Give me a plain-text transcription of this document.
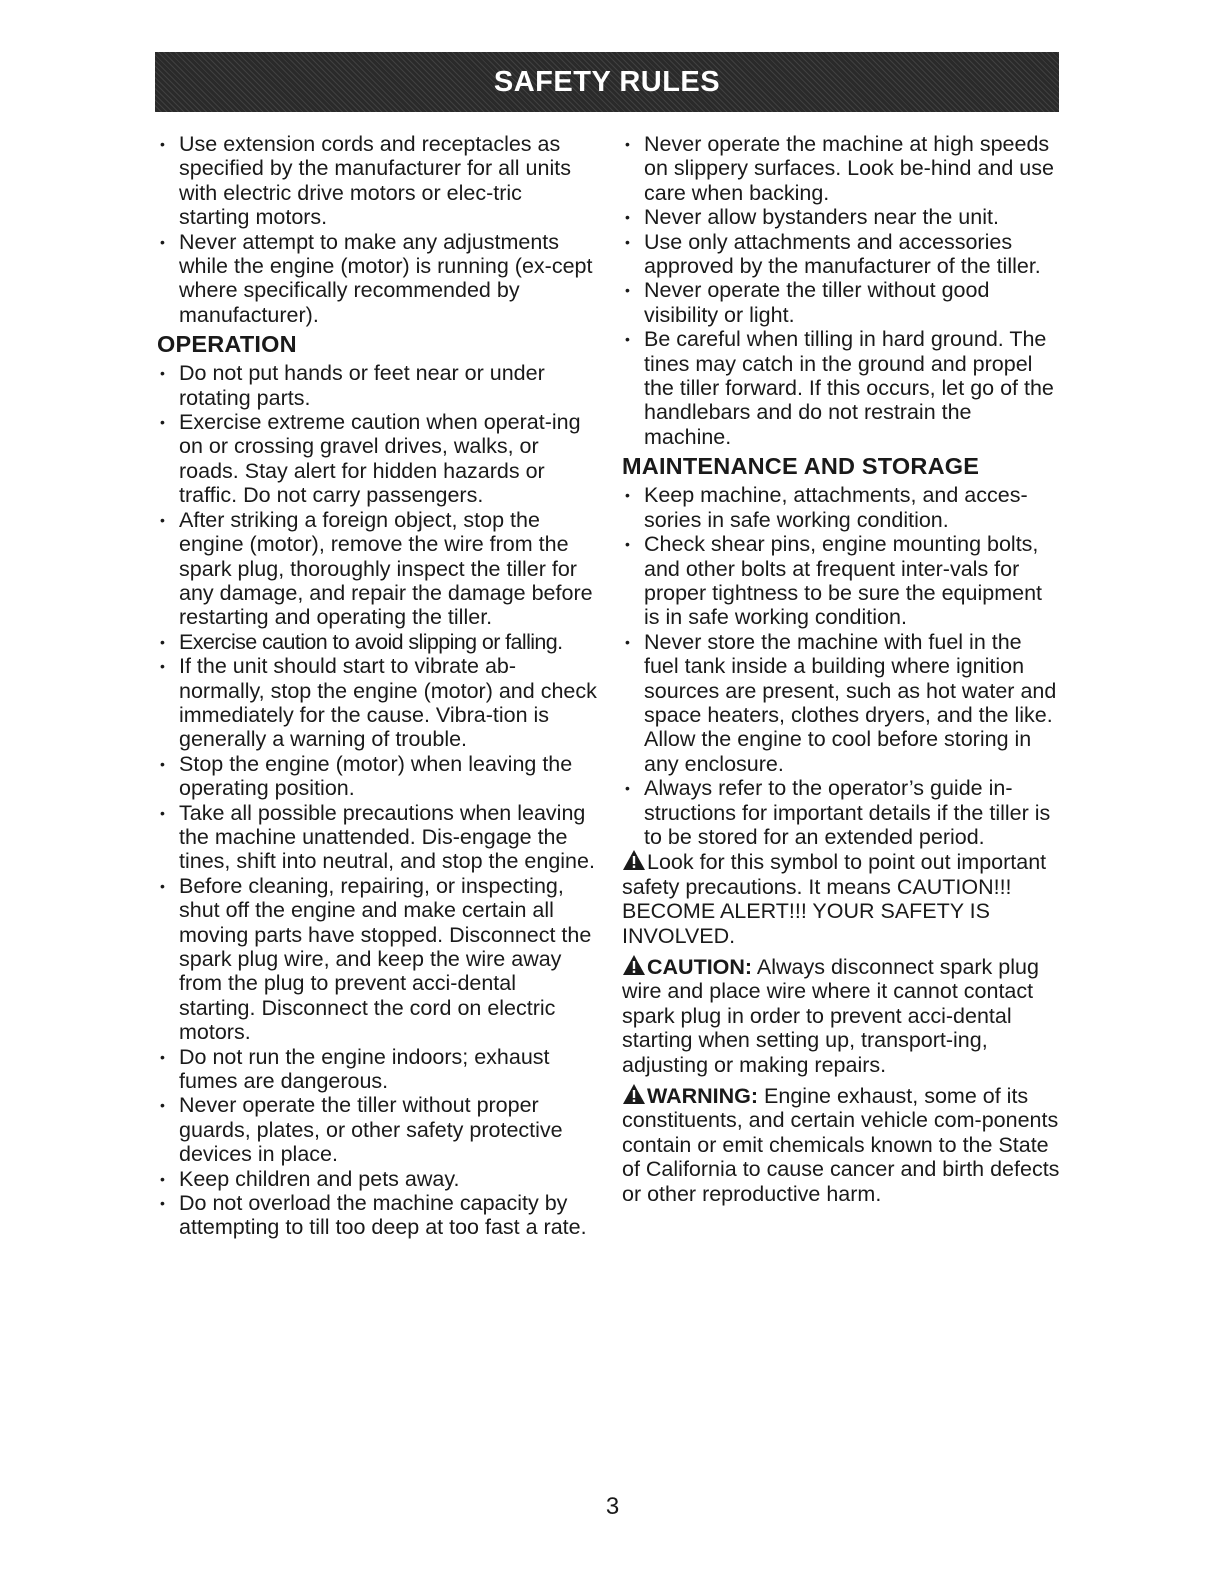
SAFETY RULES
• Use extension cords and receptacles as specified by the manufacturer for all units with electric drive motors or elec-tric starting motors.
• Never attempt to make any adjustments while the engine (motor) is running (ex-cept where specifically recommended by manufacturer).
OPERATION
• Do not put hands or feet near or under rotating parts.
• Exercise extreme caution when operat-ing on or crossing gravel drives, walks, or roads. Stay alert for hidden hazards or traffic. Do not carry passengers.
• After striking a foreign object, stop the engine (motor), remove the wire from the spark plug, thoroughly inspect the tiller for any damage, and repair the damage before restarting and operating the tiller.
• Exercise caution to avoid slipping or falling.
• If the unit should start to vibrate ab-normally, stop the engine (motor) and check immediately for the cause. Vibra-tion is generally a warning of trouble.
• Stop the engine (motor) when leaving the operating position.
• Take all possible precautions when leaving the machine unattended. Dis-engage the tines, shift into neutral, and stop the engine.
• Before cleaning, repairing, or inspecting, shut off the engine and make certain all moving parts have stopped. Disconnect the spark plug wire, and keep the wire away from the plug to prevent acci-dental starting. Disconnect the cord on electric motors.
• Do not run the engine indoors; exhaust fumes are dangerous.
• Never operate the tiller without proper guards, plates, or other safety protective devices in place.
• Keep children and pets away.
• Do not overload the machine capacity by attempting to till too deep at too fast a rate.
• Never operate the machine at high speeds on slippery surfaces. Look be-hind and use care when backing.
• Never allow bystanders near the unit.
• Use only attachments and accessories approved by the manufacturer of the tiller.
• Never operate the tiller without good visibility or light.
• Be careful when tilling in hard ground. The tines may catch in the ground and propel the tiller forward. If this occurs, let go of the handlebars and do not restrain the machine.
MAINTENANCE AND STORAGE
• Keep machine, attachments, and acces-sories in safe working condition.
• Check shear pins, engine mounting bolts, and other bolts at frequent inter-vals for proper tightness to be sure the equipment is in safe working condition.
• Never store the machine with fuel in the fuel tank inside a building where ignition sources are present, such as hot water and space heaters, clothes dryers, and the like. Allow the engine to cool before storing in any enclosure.
• Always refer to the operator’s guide in-structions for important details if the tiller is to be stored for an extended period.

Look for this symbol to point out important safety precautions. It means CAUTION!!! BECOME ALERT!!! YOUR SAFETY IS INVOLVED.

CAUTION: Always disconnect spark plug wire and place wire where it cannot contact spark plug in order to prevent acci-dental starting when setting up, transport-ing, adjusting or making repairs.

WARNING: Engine exhaust, some of its constituents, and certain vehicle com-ponents contain or emit chemicals known to the State of California to cause cancer and birth defects or other reproductive harm.

3
